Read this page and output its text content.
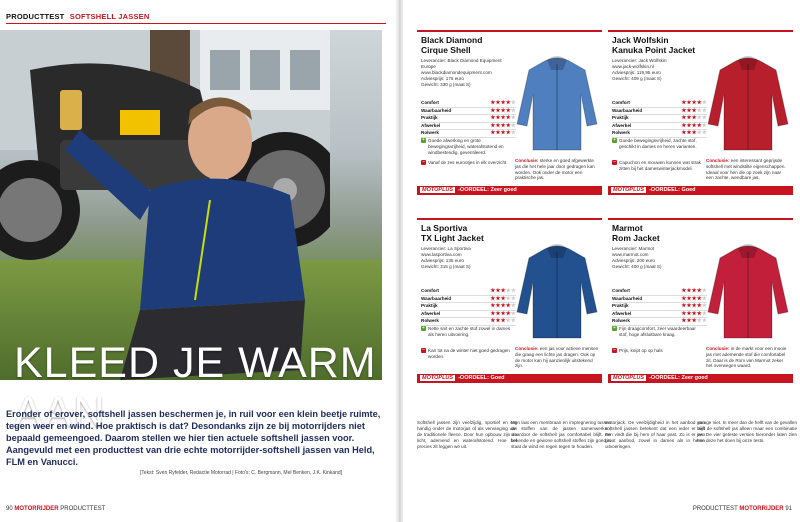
PRODUCTTEST SOFTSHELL JASSEN
KLEED JE WARM AAN
Eronder of erover, softshell jassen beschermen je, in ruil voor een klein beetje ruimte, tegen weer en wind. Hoe praktisch is dat? Desondanks zijn ze bij motorrijders niet bepaald gemeengoed. Daarom stellen we hier tien actuele softshell jassen voor. Aangevuld met een producttest van drie echte motorrijder-softshell jassen van Held, FLM en Vanucci.
[Tekst: Sven Ryfelder, Redactie Motorrad | Foto's: C. Bergmann, Mel Benken, J.K. Kinkand]
90 MOTORRIJDER PRODUCTTEST
Black Diamond
Cirque Shell
Leverancier: Black Diamond Equipment Europe
www.blackdiamondequipment.com
Adviesprijs: 175 euro
Gewicht: 330 g (maat S)
Comfort	★★★★★
Waarbaarheid	★★★★★
Praktijk	★★★★★
Afwerkel	★★★★★
Rolwerk	★★★★★
+ Goede afwerking en grote bewegingsvrijheid, waterafstotend en windbestendig, geventileerd.
– Vanaf de zes eurootjes in elk overzicht	Conclusie: sterke en goed afgewerkte jas die het hele jaar door gedragen kan worden. Ook onder de motor een praktische jas.
MOTOPLUS -OORDEEL: Zeer goed
Jack Wolfskin
Kanuka Point Jacket
Leverancier: Jack Wolfskin
www.jack-wolfskin.nl
Adviesprijs: 119,95 euro
Gewicht: 409 g (maat S)
Comfort	★★★★★
Waarbaarheid	★★★★★
Praktijk	★★★★★
Afwerkel	★★★★★
Rolwerk	★★★★★
+ Goede bewegingsvrijheid, zachte stof, geschikt in dames en heren varianten.
– Capuchon en mouwen kunnen wat strak zitten bij het dameswinterjackmodel.
Conclusie: een interessant geprijsde softshell met windstilte eigenschappen. Ideaal voor hen die op zoek zijn naar een zachte, wendbare jas.
MOTOPLUS -OORDEEL: Goed
La Sportiva
TX Light Jacket
Leverancier: La Sportiva
www.lasportiva.com
Adviesprijs: 135 euro
Gewicht: 315 g (maat S)
Comfort	★★★★★
Waarbaarheid	★★★★★
Praktijk	★★★★★
Afwerkel	★★★★★
Rolwerk	★★★★★
+ Nette snit en zachte stof zowel in dames als heren uitvoering.
– Kan tot na de winter niet goed gedragen worden.
Conclusie: een jas voor actieve mensen die graag een lichte jas dragen. Ook op de motor kan hij aanzienlijk uitstekend zijn.
MOTOPLUS -OORDEEL: Goed
Marmot
Rom Jacket
Leverancier: Marmot
www.marmot.com
Adviesprijs: 200 euro
Gewicht: 400 g (maat S)
Comfort	★★★★★
Waarbaarheid	★★★★★
Praktijk	★★★★★
Afwerkel	★★★★★
Rolwerk	★★★★★
+ Fijn draagcomfort, zeer waardeerbaar stof, hoge afsluitbare kraag.
– Prijs, knipt op op hals	Conclusie: in de markt voor een mooie jas met ademende stof die comfortabel zit. Daar is de Rom van Marmot zeker het overwegen waard.
MOTOPLUS -OORDEEL: Zeer goed
Softshell jassen zijn veelzijdig, sportief en erg handig onder de motorjas of als vervanging van de traditionele fleece. Door hun opbouw zijn ze licht, ademend en waterafstotend. Hoe het precies zit leggen we uit.
Men laat een membraan en impregnering tussen de stoffen van de jassen samenwerken, waardoor de softshell jas comfortabel blijft. De bekende en gewone softshell stoffen zijn goed in staat de wind en regen tegen te houden.
motorjack. De veelzijdigheid in het aanbod van softshell jassen betekent dat een ieder er wel een vindt die bij hem of haar past. Zo is er een groot aanbod, zowel in dames als in heren uitvoeringen.
garage niet. In meer dan de helft van de gevallen blijft de softshell jas alleen maar een combinatie jas. De vier geteste versies hieronder laten zien hoe deze het doen bij onze tests.
PRODUCTTEST MOTORRIJDER 91
